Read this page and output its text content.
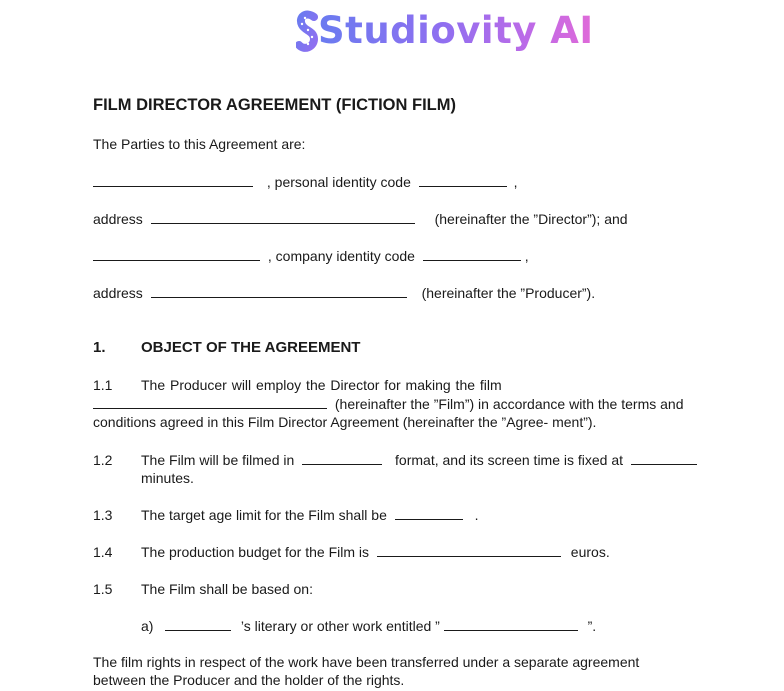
Studiovity AI
FILM DIRECTOR AGREEMENT (FICTION FILM)
The Parties to this Agreement are:
, personal identity code	,
address	(hereinafter the ”Director”); and
, company identity code	,
address	(hereinafter the ”Producer”).
1. OBJECT OF THE AGREEMENT
1.1 The Producer will employ the Director for making the film
(hereinafter the ”Film”) in accordance with the terms and
conditions agreed in this Film Director Agreement (hereinafter the ”Agree- ment”).
1.2 The Film will be filmed in	format, and its screen time is fixed at
minutes.
1.3 The target age limit for the Film shall be	.
1.4 The production budget for the Film is	euros.
1.5 The Film shall be based on:
a)	’s literary or other work entitled ”	”.
The film rights in respect of the work have been transferred under a separate agreement
between the Producer and the holder of the rights.
